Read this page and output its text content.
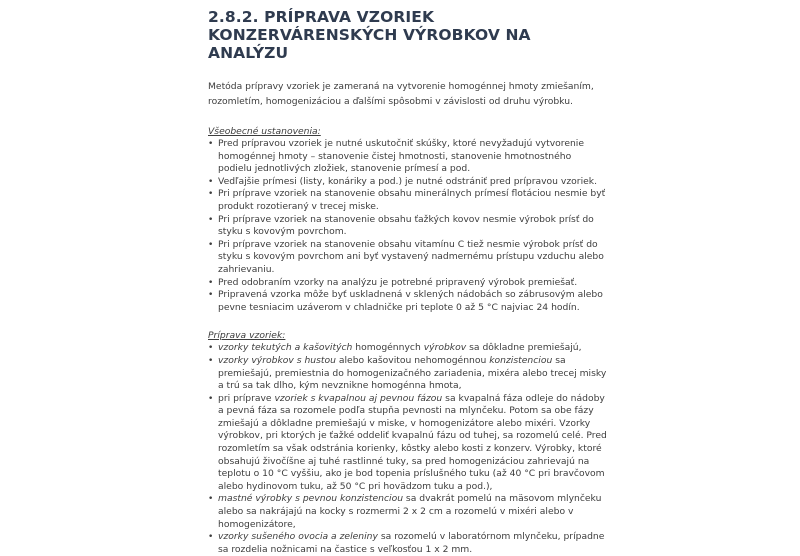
2.8.2. PRÍPRAVA VZORIEK KONZERVÁRENSKÝCH VÝROBKOV NA ANALÝZU

Metóda prípravy vzoriek je zameraná na vytvorenie homogénnej hmoty zmiešaním, rozomletím, homogenizáciou a ďalšími spôsobmi v závislosti od druhu výrobku.

Všeobecné ustanovenia:
• Pred prípravou vzoriek je nutné uskutočniť skúšky, ktoré nevyžadujú vytvorenie homogénnej hmoty – stanovenie čistej hmotnosti, stanovenie hmotnostného podielu jednotlivých zložiek, stanovenie prímesí a pod.
• Vedľajšie prímesi (listy, konáriky a pod.) je nutné odstrániť pred prípravou vzoriek.
• Pri príprave vzoriek na stanovenie obsahu minerálnych prímesí flotáciou nesmie byť produkt rozotieraný v trecej miske.
• Pri príprave vzoriek na stanovenie obsahu ťažkých kovov nesmie výrobok prísť do styku s kovovým povrchom.
• Pri príprave vzoriek na stanovenie obsahu vitamínu C tiež nesmie výrobok prísť do styku s kovovým povrchom ani byť vystavený nadmernému prístupu vzduchu alebo zahrievaniu.
• Pred odobraním vzorky na analýzu je potrebné pripravený výrobok premiešať.
• Pripravená vzorka môže byť uskladnená v sklených nádobách so zábrusovým alebo pevne tesniacim uzáverom v chladničke pri teplote 0 až 5 °C najviac 24 hodín.
Príprava vzoriek:
• vzorky tekutých a kašovitých homogénnych výrobkov sa dôkladne premiešajú,
• vzorky výrobkov s hustou alebo kašovitou nehomogénnou konzistenciou sa premiešajú, premiestnia do homogenizačného zariadenia, mixéra alebo trecej misky a trú sa tak dlho, kým nevznikne homogénna hmota,
• pri príprave vzoriek s kvapalnou aj pevnou fázou sa kvapalná fáza odleje do nádoby a pevná fáza sa rozomele podľa stupňa pevnosti na mlynčeku. Potom sa obe fázy zmiešajú a dôkladne premiešajú v miske, v homogenizátore alebo mixéri. Vzorky výrobkov, pri ktorých je ťažké oddeliť kvapalnú fázu od tuhej, sa rozomelú celé. Pred rozomletím sa však odstránia korienky, kôstky alebo kosti z konzerv. Výrobky, ktoré obsahujú živočíšne aj tuhé rastlinné tuky, sa pred homogenizáciou zahrievajú na teplotu o 10 °C vyššiu, ako je bod topenia príslušného tuku (až 40 °C pri bravčovom alebo hydinovom tuku, až 50 °C pri hovädzom tuku a pod.),
• mastné výrobky s pevnou konzistenciou sa dvakrát pomelú na mäsovom mlynčeku alebo sa nakrájajú na kocky s rozmermi 2 x 2 cm a rozomelú v mixéri alebo v homogenizátore,
• vzorky sušeného ovocia a zeleniny sa rozomelú v laboratórnom mlynčeku, prípadne sa rozdelia nožnicami na častice s veľkosťou 1 x 2 mm.
